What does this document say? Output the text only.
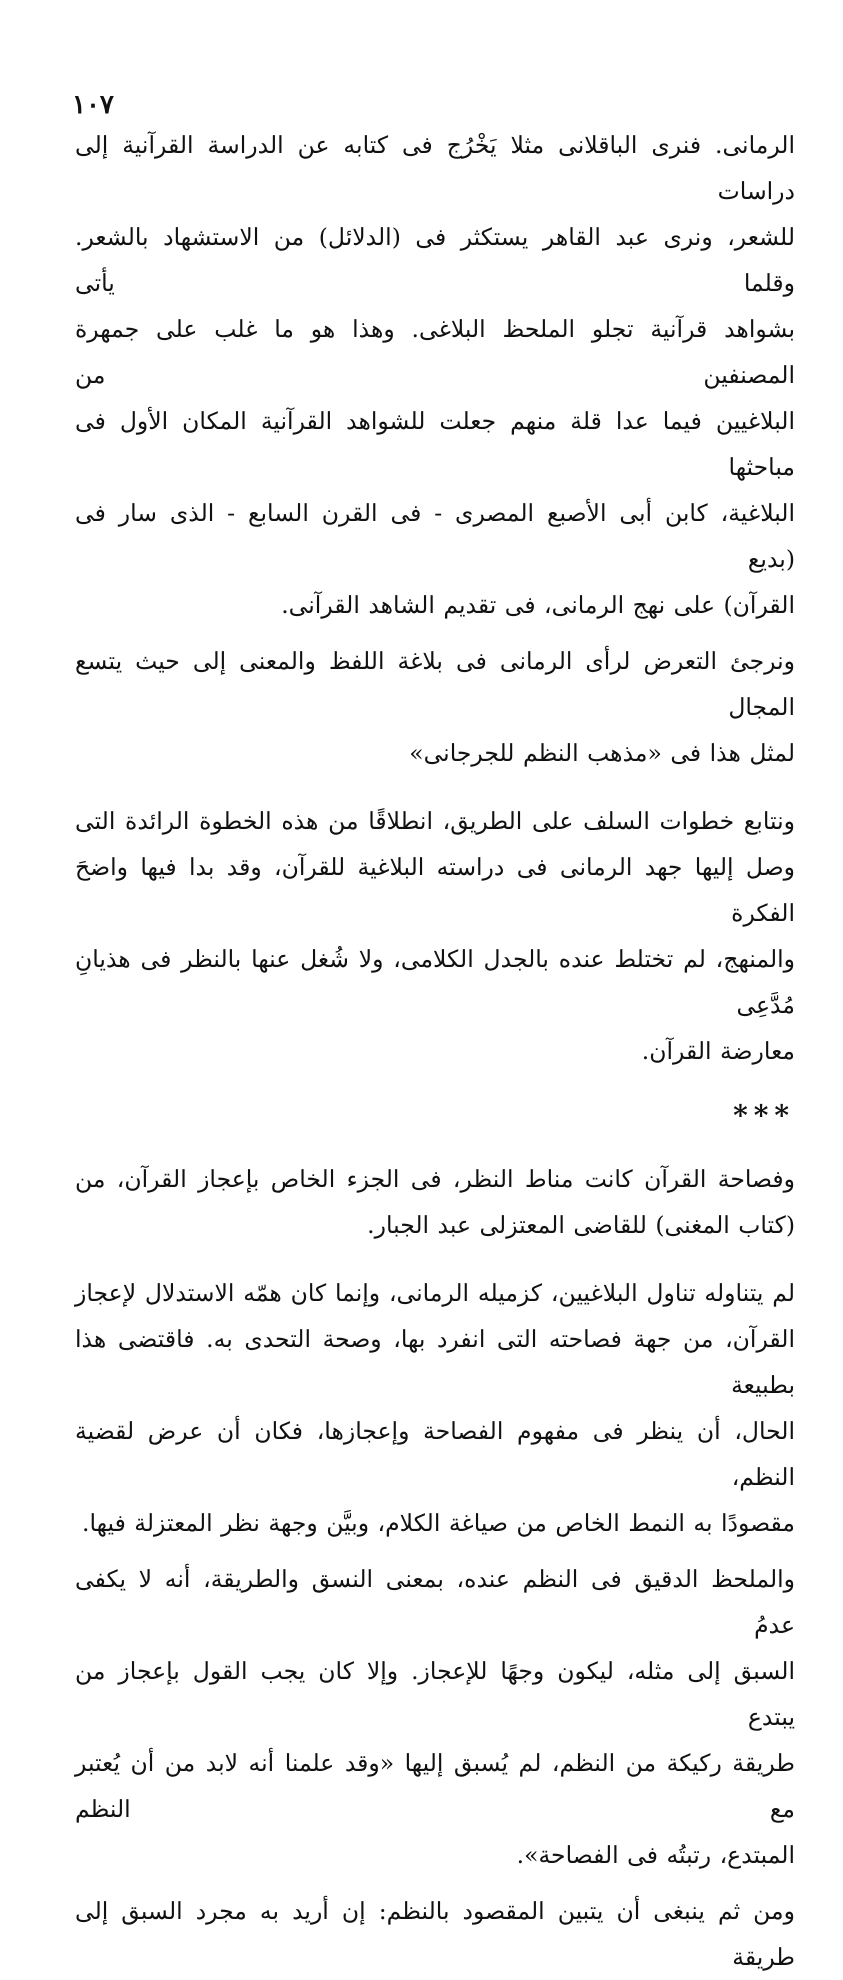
١٠٧

الرمانى. فنرى الباقلانى مثلا يَخْرُج فى كتابه عن الدراسة القرآنية إلى دراسات
للشعر، ونرى عبد القاهر يستكثر فى (الدلائل) من الاستشهاد بالشعر. وقلما يأتى
بشواهد قرآنية تجلو الملحظ البلاغى. وهذا هو ما غلب على جمهرة المصنفين من
البلاغيين فيما عدا قلة منهم جعلت للشواهد القرآنية المكان الأول فى مباحثها
البلاغية، كابن أبى الأصبع المصرى - فى القرن السابع - الذى سار فى (بديع
القرآن) على نهج الرمانى، فى تقديم الشاهد القرآنى.

ونرجئ التعرض لرأى الرمانى فى بلاغة اللفظ والمعنى إلى حيث يتسع المجال
لمثل هذا فى «مذهب النظم للجرجانى»

ونتابع خطوات السلف على الطريق، انطلاقًا من هذه الخطوة الرائدة التى
وصل إليها جهد الرمانى فى دراسته البلاغية للقرآن، وقد بدا فيها واضحَ الفكرة
والمنهج، لم تختلط عنده بالجدل الكلامى، ولا شُغل عنها بالنظر فى هذيانِ مُدَّعِى
معارضة القرآن.

***

وفصاحة القرآن كانت مناط النظر، فى الجزء الخاص بإعجاز القرآن، من
(كتاب المغنى) للقاضى المعتزلى عبد الجبار.

لم يتناوله تناول البلاغيين، كزميله الرمانى، وإنما كان همّه الاستدلال لإعجاز
القرآن، من جهة فصاحته التى انفرد بها، وصحة التحدى به. فاقتضى هذا بطبيعة
الحال، أن ينظر فى مفهوم الفصاحة وإعجازها، فكان أن عرض لقضية النظم،
مقصودًا به النمط الخاص من صياغة الكلام، وبيَّن وجهة نظر المعتزلة فيها.

والملحظ الدقيق فى النظم عنده، بمعنى النسق والطريقة، أنه لا يكفى عدمُ
السبق إلى مثله، ليكون وجهًا للإعجاز. وإلا كان يجب القول بإعجاز من يبتدع
طريقة ركيكة من النظم، لم يُسبق إليها «وقد علمنا أنه لابد من أن يُعتبر مع النظم
المبتدع، رتبتُه فى الفصاحة».

ومن ثم ينبغى أن يتبين المقصود بالنظم: إن أريد به مجرد السبق إلى طريقة
